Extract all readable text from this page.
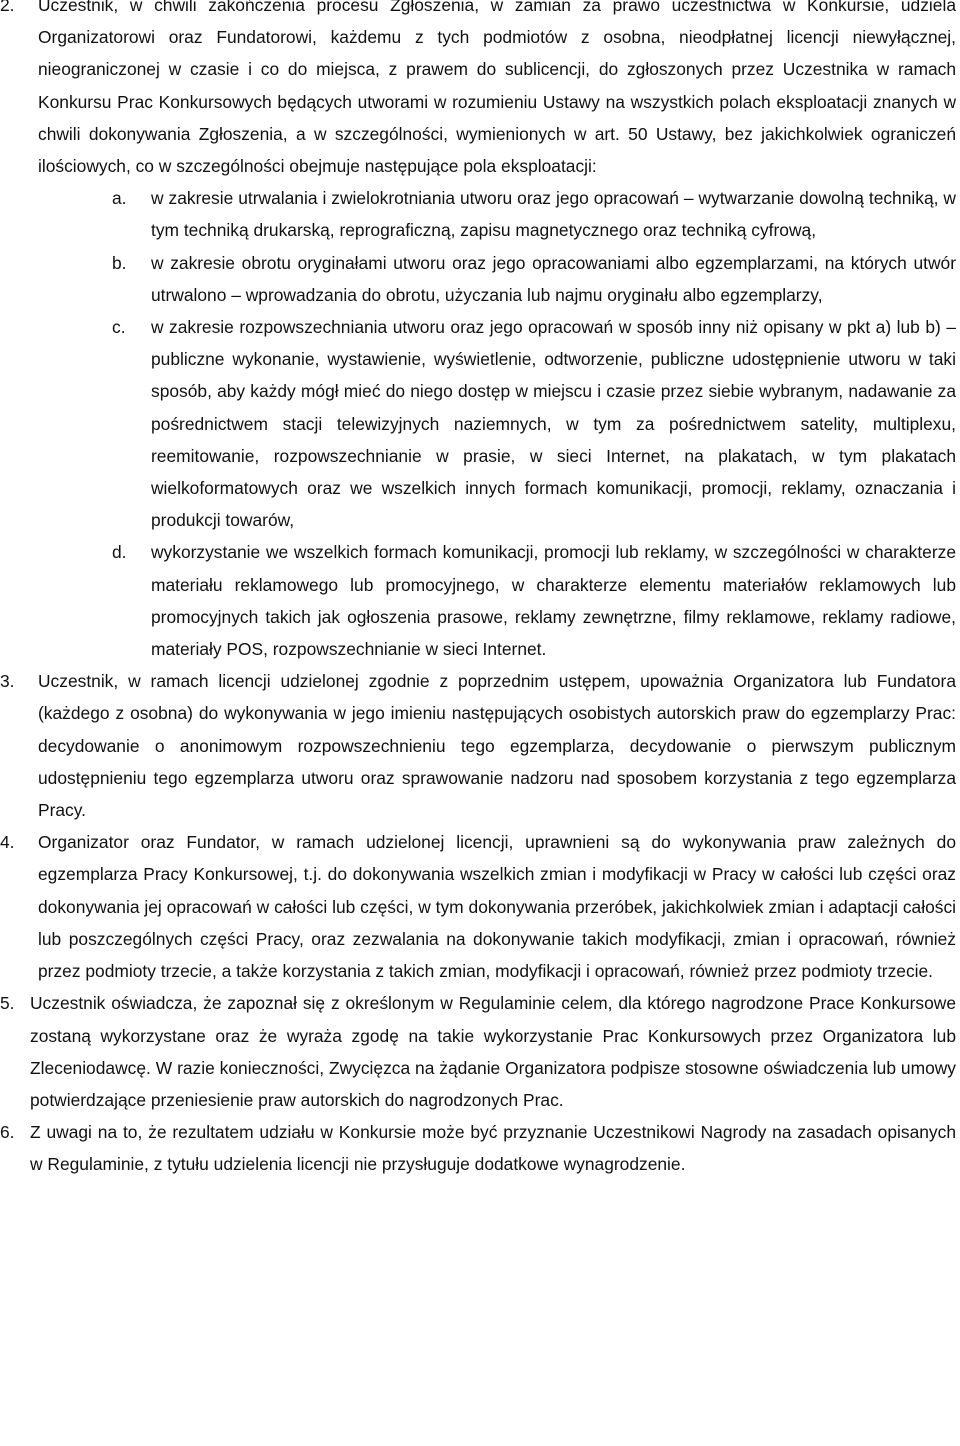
2.	Uczestnik, w chwili zakończenia procesu Zgłoszenia, w zamian za prawo uczestnictwa w Konkursie, udziela Organizatorowi oraz Fundatorowi, każdemu z tych podmiotów z osobna, nieodpłatnej licencji niewyłącznej, nieograniczonej w czasie i co do miejsca, z prawem do sublicencji, do zgłoszonych przez Uczestnika w ramach Konkursu Prac Konkursowych będących utworami w rozumieniu Ustawy na wszystkich polach eksploatacji znanych w chwili dokonywania Zgłoszenia, a w szczególności, wymienionych w art. 50 Ustawy, bez jakichkolwiek ograniczeń ilościowych, co w szczególności obejmuje następujące pola eksploatacji:
a. w zakresie utrwalania i zwielokrotniania utworu oraz jego opracowań – wytwarzanie dowolną techniką, w tym techniką drukarską, reprograficzną, zapisu magnetycznego oraz techniką cyfrową,
b. w zakresie obrotu oryginałami utworu oraz jego opracowaniami albo egzemplarzami, na których utwór utrwalono – wprowadzania do obrotu, użyczania lub najmu oryginału albo egzemplarzy,
c. w zakresie rozpowszechniania utworu oraz jego opracowań w sposób inny niż opisany w pkt a) lub b) – publiczne wykonanie, wystawienie, wyświetlenie, odtworzenie, publiczne udostępnienie utworu w taki sposób, aby każdy mógł mieć do niego dostęp w miejscu i czasie przez siebie wybranym, nadawanie za pośrednictwem stacji telewizyjnych naziemnych, w tym za pośrednictwem satelity, multiplexu, reemitowanie, rozpowszechnianie w prasie, w sieci Internet, na plakatach, w tym plakatach wielkoformatowych oraz we wszelkich innych formach komunikacji, promocji, reklamy, oznaczania i produkcji towarów,
d. wykorzystanie we wszelkich formach komunikacji, promocji lub reklamy, w szczególności w charakterze materiału reklamowego lub promocyjnego, w charakterze elementu materiałów reklamowych lub promocyjnych takich jak ogłoszenia prasowe, reklamy zewnętrzne, filmy reklamowe, reklamy radiowe, materiały POS, rozpowszechnianie w sieci Internet.
3.	Uczestnik, w ramach licencji udzielonej zgodnie z poprzednim ustępem, upoważnia Organizatora lub Fundatora (każdego z osobna) do wykonywania w jego imieniu następujących osobistych autorskich praw do egzemplarzy Prac: decydowanie o anonimowym rozpowszechnieniu tego egzemplarza, decydowanie o pierwszym publicznym udostępnieniu tego egzemplarza utworu oraz sprawowanie nadzoru nad sposobem korzystania z tego egzemplarza Pracy.
4.	Organizator oraz Fundator, w ramach udzielonej licencji, uprawnieni są do wykonywania praw zależnych do egzemplarza Pracy Konkursowej, t.j. do dokonywania wszelkich zmian i modyfikacji w Pracy w całości lub części oraz dokonywania jej opracowań w całości lub części, w tym dokonywania przeróbek, jakichkolwiek zmian i adaptacji całości lub poszczególnych części Pracy, oraz zezwalania na dokonywanie takich modyfikacji, zmian i opracowań, również przez podmioty trzecie, a także korzystania z takich zmian, modyfikacji i opracowań, również przez podmioty trzecie.
5. Uczestnik oświadcza, że zapoznał się z określonym w Regulaminie celem, dla którego nagrodzone Prace Konkursowe zostaną wykorzystane oraz że wyraża zgodę na takie wykorzystanie Prac Konkursowych przez Organizatora lub Zleceniodawcę. W razie konieczności, Zwycięzca na żądanie Organizatora podpisze stosowne oświadczenia lub umowy potwierdzające przeniesienie praw autorskich do nagrodzonych Prac.
6. Z uwagi na to, że rezultatem udziału w Konkursie może być przyznanie Uczestnikowi Nagrody na zasadach opisanych w Regulaminie, z tytułu udzielenia licencji nie przysługuje dodatkowe wynagrodzenie.
